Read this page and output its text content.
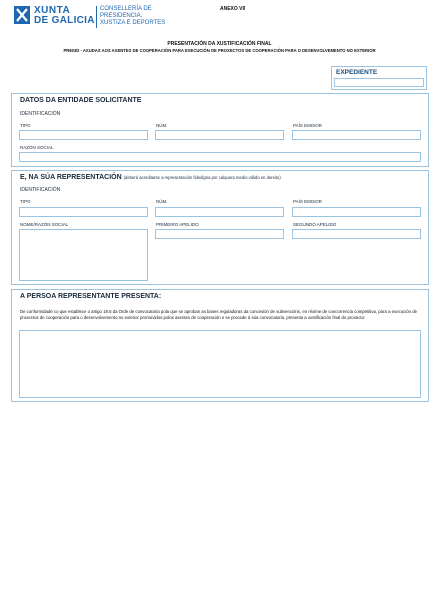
XUNTA
DE GALICIA
CONSELLERÍA DE
PRESIDENCIA,
XUSTIZA E DEPORTES
ANEXO VII
PRESENTACIÓN DA XUSTIFICACIÓN FINAL
PR803D - AXUDAS AOS AXENTES DE COOPERACIÓN PARA EXECUCIÓN DE PROXECTOS DE COOPERACIÓN PARA O DESENVOLVEMENTO NO EXTERIOR
EXPEDIENTE
DATOS DA ENTIDADE SOLICITANTE
IDENTIFICACIÓN
TIPO	NÚM.	PAÍS EMISOR
RAZÓN SOCIAL
E, NA SÚA REPRESENTACIÓN (deberá acreditarse a representación fidedigna por calquera medio válido en dereito)
IDENTIFICACIÓN
TIPO	NÚM.	PAÍS EMISOR
NOME/RAZÓN SOCIAL	PRIMEIRO APELIDO	SEGUNDO APELIDO
A PERSOA REPRESENTANTE PRESENTA:
De conformidade co que establece o artigo 19.5 da Orde de convocatoria pola que se aproban as bases reguladoras da concesión de subvencións, en réxime de concorrencia competitiva, para a execución de proxectos de cooperación para o desenvolvemento no exterior promovidos polos axentes de cooperación e se procede á súa convocatoria, presenta a xustificación final do proxecto:
